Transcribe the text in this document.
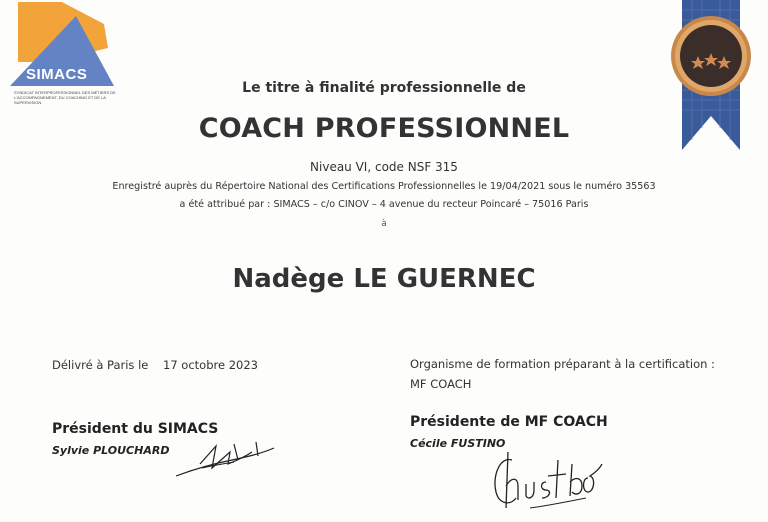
SIMACS
SYNDICAT INTERPROFESSIONNEL DES MÉTIERS DE L'ACCOMPAGNEMENT, DU COACHING ET DE LA SUPERVISION
Le titre à finalité professionnelle de
COACH PROFESSIONNEL
Niveau VI, code NSF 315
Enregistré auprès du Répertoire National des Certifications Professionnelles le 19/04/2021 sous le numéro 35563
a été attribué par : SIMACS – c/o CINOV – 4 avenue du recteur Poincaré – 75016 Paris
à
Nadège LE GUERNEC
Délivré à Paris le 17 octobre 2023	Organisme de formation préparant à la certification :
MF COACH
Président du SIMACS
Sylvie PLOUCHARD
Présidente de MF COACH
Cécile FUSTINO
